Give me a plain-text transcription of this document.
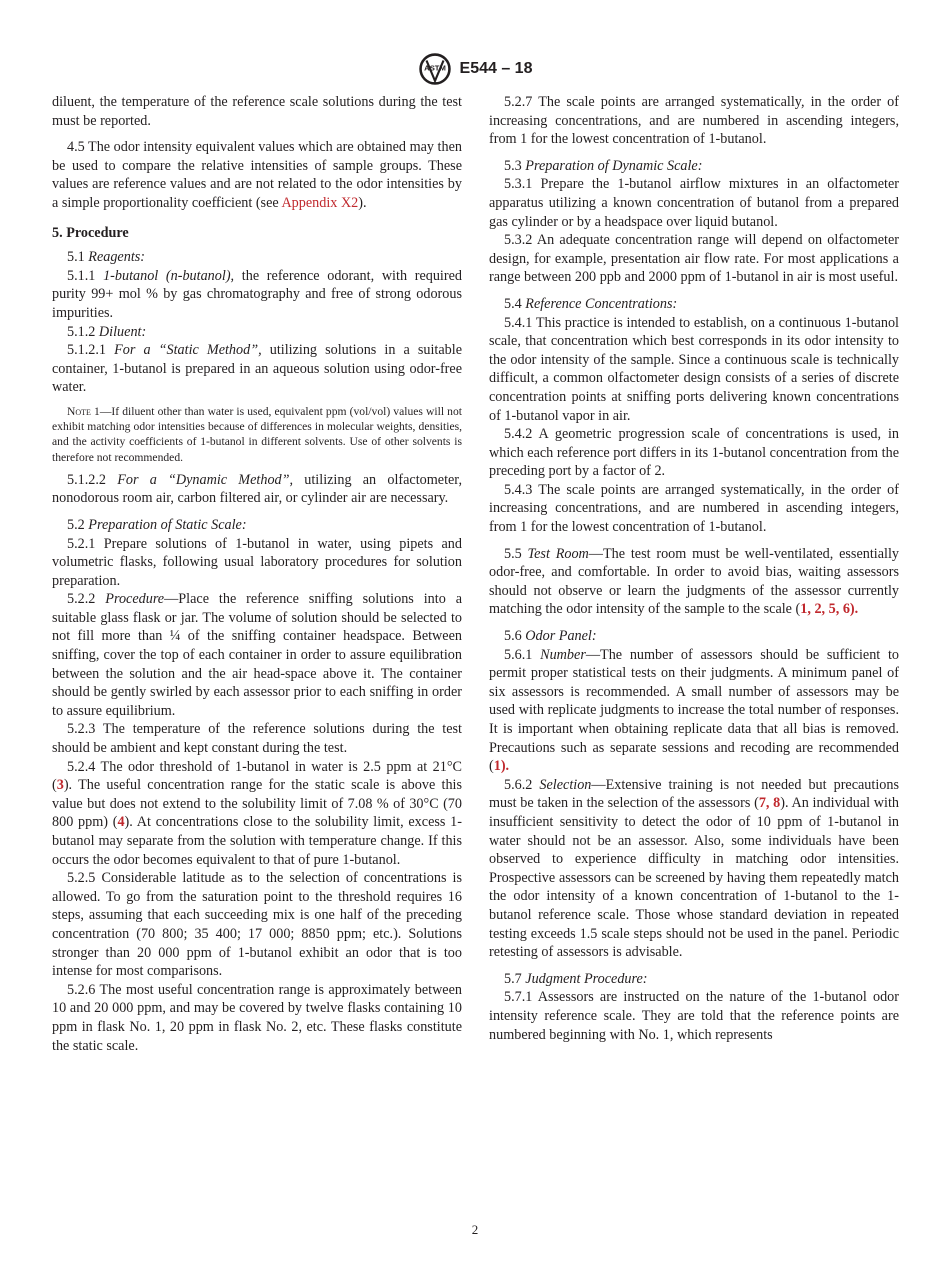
ASTM E544 – 18

diluent, the temperature of the reference scale solutions during the test must be reported.

4.5 The odor intensity equivalent values which are obtained may then be used to compare the relative intensities of sample groups. These values are reference values and are not related to the odor intensities by a simple proportionality coefficient (see Appendix X2).

5. Procedure

5.1 Reagents:

5.1.1 1-butanol (n-butanol), the reference odorant, with required purity 99+ mol % by gas chromatography and free of strong odorous impurities.

5.1.2 Diluent:

5.1.2.1 For a “Static Method”, utilizing solutions in a suitable container, 1-butanol is prepared in an aqueous solution using odor-free water.

Note 1—If diluent other than water is used, equivalent ppm (vol/vol) values will not exhibit matching odor intensities because of differences in molecular weights, densities, and the activity coefficients of 1-butanol in different solvents. Use of other solvents is therefore not recommended.

5.1.2.2 For a “Dynamic Method”, utilizing an olfactometer, nonodorous room air, carbon filtered air, or cylinder air are necessary.

5.2 Preparation of Static Scale:

5.2.1 Prepare solutions of 1-butanol in water, using pipets and volumetric flasks, following usual laboratory procedures for solution preparation.

5.2.2 Procedure—Place the reference sniffing solutions into a suitable glass flask or jar. The volume of solution should be selected to not fill more than ¼ of the sniffing container headspace. Between sniffing, cover the top of each container in order to assure equilibration between the solution and the air head-space above it. The container should be gently swirled by each assessor prior to each sniffing in order to assure equilibrium.

5.2.3 The temperature of the reference solutions during the test should be ambient and kept constant during the test.

5.2.4 The odor threshold of 1-butanol in water is 2.5 ppm at 21°C (3). The useful concentration range for the static scale is above this value but does not extend to the solubility limit of 7.08 % of 30°C (70 800 ppm) (4). At concentrations close to the solubility limit, excess 1-butanol may separate from the solution with temperature change. If this occurs the odor becomes equivalent to that of pure 1-butanol.

5.2.5 Considerable latitude as to the selection of concentrations is allowed. To go from the saturation point to the threshold requires 16 steps, assuming that each succeeding mix is one half of the preceding concentration (70 800; 35 400; 17 000; 8850 ppm; etc.). Solutions stronger than 20 000 ppm of 1-butanol exhibit an odor that is too intense for most comparisons.

5.2.6 The most useful concentration range is approximately between 10 and 20 000 ppm, and may be covered by twelve flasks containing 10 ppm in flask No. 1, 20 ppm in flask No. 2, etc. These flasks constitute the static scale.

5.2.7 The scale points are arranged systematically, in the order of increasing concentrations, and are numbered in ascending integers, from 1 for the lowest concentration of 1-butanol.

5.3 Preparation of Dynamic Scale:

5.3.1 Prepare the 1-butanol airflow mixtures in an olfactometer apparatus utilizing a known concentration of butanol from a prepared gas cylinder or by a headspace over liquid butanol.

5.3.2 An adequate concentration range will depend on olfactometer design, for example, presentation air flow rate. For most applications a range between 200 ppb and 2000 ppm of 1-butanol in air is most useful.

5.4 Reference Concentrations:

5.4.1 This practice is intended to establish, on a continuous 1-butanol scale, that concentration which best corresponds in its odor intensity to the odor intensity of the sample. Since a continuous scale is technically difficult, a common olfactometer design consists of a series of discrete concentration points at sniffing ports delivering known concentrations of 1-butanol vapor in air.

5.4.2 A geometric progression scale of concentrations is used, in which each reference port differs in its 1-butanol concentration from the preceding port by a factor of 2.

5.4.3 The scale points are arranged systematically, in the order of increasing concentrations, and are numbered in ascending integers, from 1 for the lowest concentration of 1-butanol.

5.5 Test Room—The test room must be well-ventilated, essentially odor-free, and comfortable. In order to avoid bias, waiting assessors should not observe or learn the judgments of the assessor currently matching the odor intensity of the sample to the scale (1, 2, 5, 6).

5.6 Odor Panel:

5.6.1 Number—The number of assessors should be sufficient to permit proper statistical tests on their judgments. A minimum panel of six assessors is recommended. A small number of assessors may be used with replicate judgments to increase the total number of responses. It is important when obtaining replicate data that all bias is removed. Precautions such as separate sessions and recoding are recommended (1).

5.6.2 Selection—Extensive training is not needed but precautions must be taken in the selection of the assessors (7, 8). An individual with insufficient sensitivity to detect the odor of 10 ppm of 1-butanol in water should not be an assessor. Also, some individuals have been observed to experience difficulty in matching odor intensities. Prospective assessors can be screened by having them repeatedly match the odor intensity of a known concentration of 1-butanol to the 1-butanol reference scale. Those whose standard deviation in repeated testing exceeds 1.5 scale steps should not be used in the panel. Periodic retesting of assessors is advisable.

5.7 Judgment Procedure:

5.7.1 Assessors are instructed on the nature of the 1-butanol odor intensity reference scale. They are told that the reference points are numbered beginning with No. 1, which represents

2
